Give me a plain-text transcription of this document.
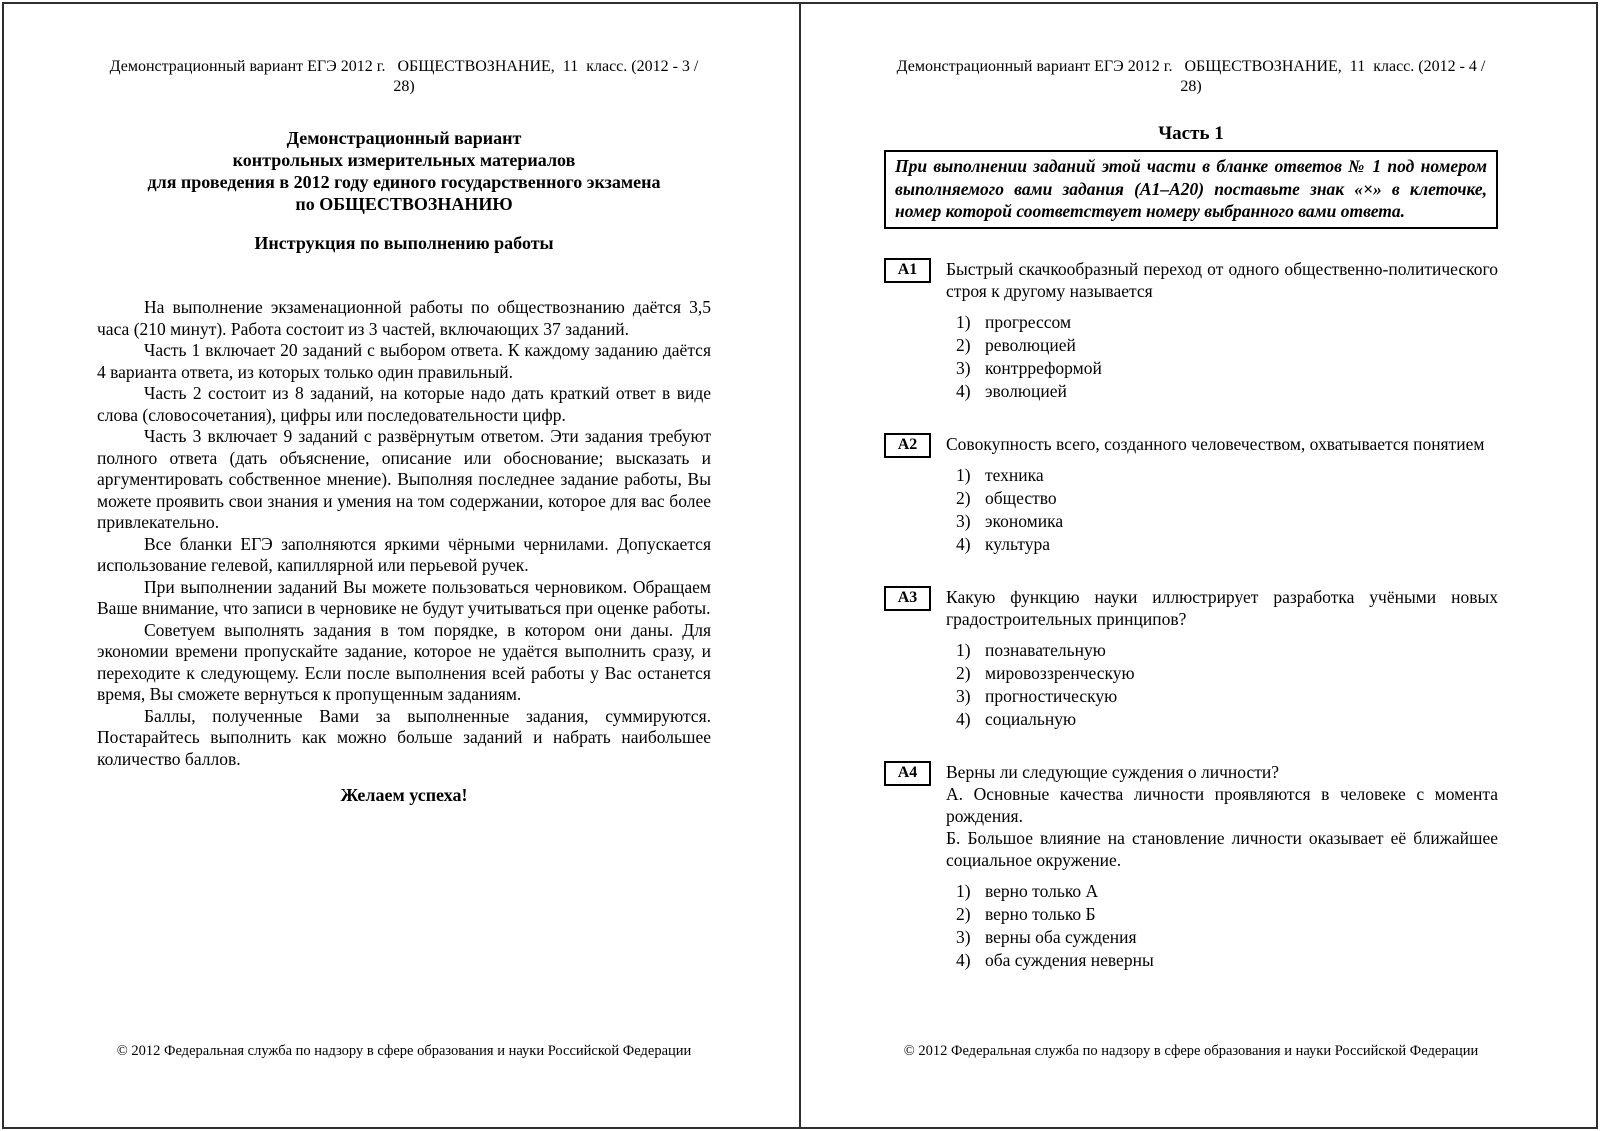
Демонстрационный вариант ЕГЭ 2012 г.   ОБЩЕСТВОЗНАНИЕ,  11  класс. (2012 - 3 / 28)
Демонстрационный вариант
контрольных измерительных материалов
для проведения в 2012 году единого государственного экзамена
по ОБЩЕСТВОЗНАНИЮ
Инструкция по выполнению работы

На выполнение экзаменационной работы по обществознанию даётся 3,5 часа (210 минут). Работа состоит из 3 частей, включающих 37 заданий.

Часть 1 включает 20 заданий с выбором ответа. К каждому заданию даётся 4 варианта ответа, из которых только один правильный.

Часть 2 состоит из 8 заданий, на которые надо дать краткий ответ в виде слова (словосочетания), цифры или последовательности цифр.

Часть 3 включает 9 заданий с развёрнутым ответом. Эти задания требуют полного ответа (дать объяснение, описание или обоснование; высказать и аргументировать собственное мнение). Выполняя последнее задание работы, Вы можете проявить свои знания и умения на том содержании, которое для вас более привлекательно.

Все бланки ЕГЭ заполняются яркими чёрными чернилами. Допускается использование гелевой, капиллярной или перьевой ручек.

При выполнении заданий Вы можете пользоваться черновиком. Обращаем Ваше внимание, что записи в черновике не будут учитываться при оценке работы.

Советуем выполнять задания в том порядке, в котором они даны. Для экономии времени пропускайте задание, которое не удаётся выполнить сразу, и переходите к следующему. Если после выполнения всей работы у Вас останется время, Вы сможете вернуться к пропущенным заданиям.

Баллы, полученные Вами за выполненные задания, суммируются. Постарайтесь выполнить как можно больше заданий и набрать наибольшее количество баллов.

Желаем успеха!
© 2012 Федеральная служба по надзору в сфере образования и науки Российской Федерации
Демонстрационный вариант ЕГЭ 2012 г.   ОБЩЕСТВОЗНАНИЕ,  11  класс. (2012 - 4 / 28)
Часть 1
При выполнении заданий этой части в бланке ответов № 1 под номером выполняемого вами задания (А1–А20) поставьте знак «×» в клеточке, номер которой соответствует номеру выбранного вами ответа.
А1	Быстрый скачкообразный переход от одного общественно-политического строя к другому называется
1) прогрессом
2) революцией
3) контрреформой
4) эволюцией
А2	Совокупность всего, созданного человечеством, охватывается понятием
1) техника
2) общество
3) экономика
4) культура
А3	Какую функцию науки иллюстрирует разработка учёными новых градостроительных принципов?
1) познавательную
2) мировоззренческую
3) прогностическую
4) социальную
А4	Верны ли следующие суждения о личности?
А. Основные качества личности проявляются в человеке с момента рождения.
Б. Большое влияние на становление личности оказывает её ближайшее социальное окружение.
1) верно только А
2) верно только Б
3) верны оба суждения
4) оба суждения неверны
© 2012 Федеральная служба по надзору в сфере образования и науки Российской Федерации
